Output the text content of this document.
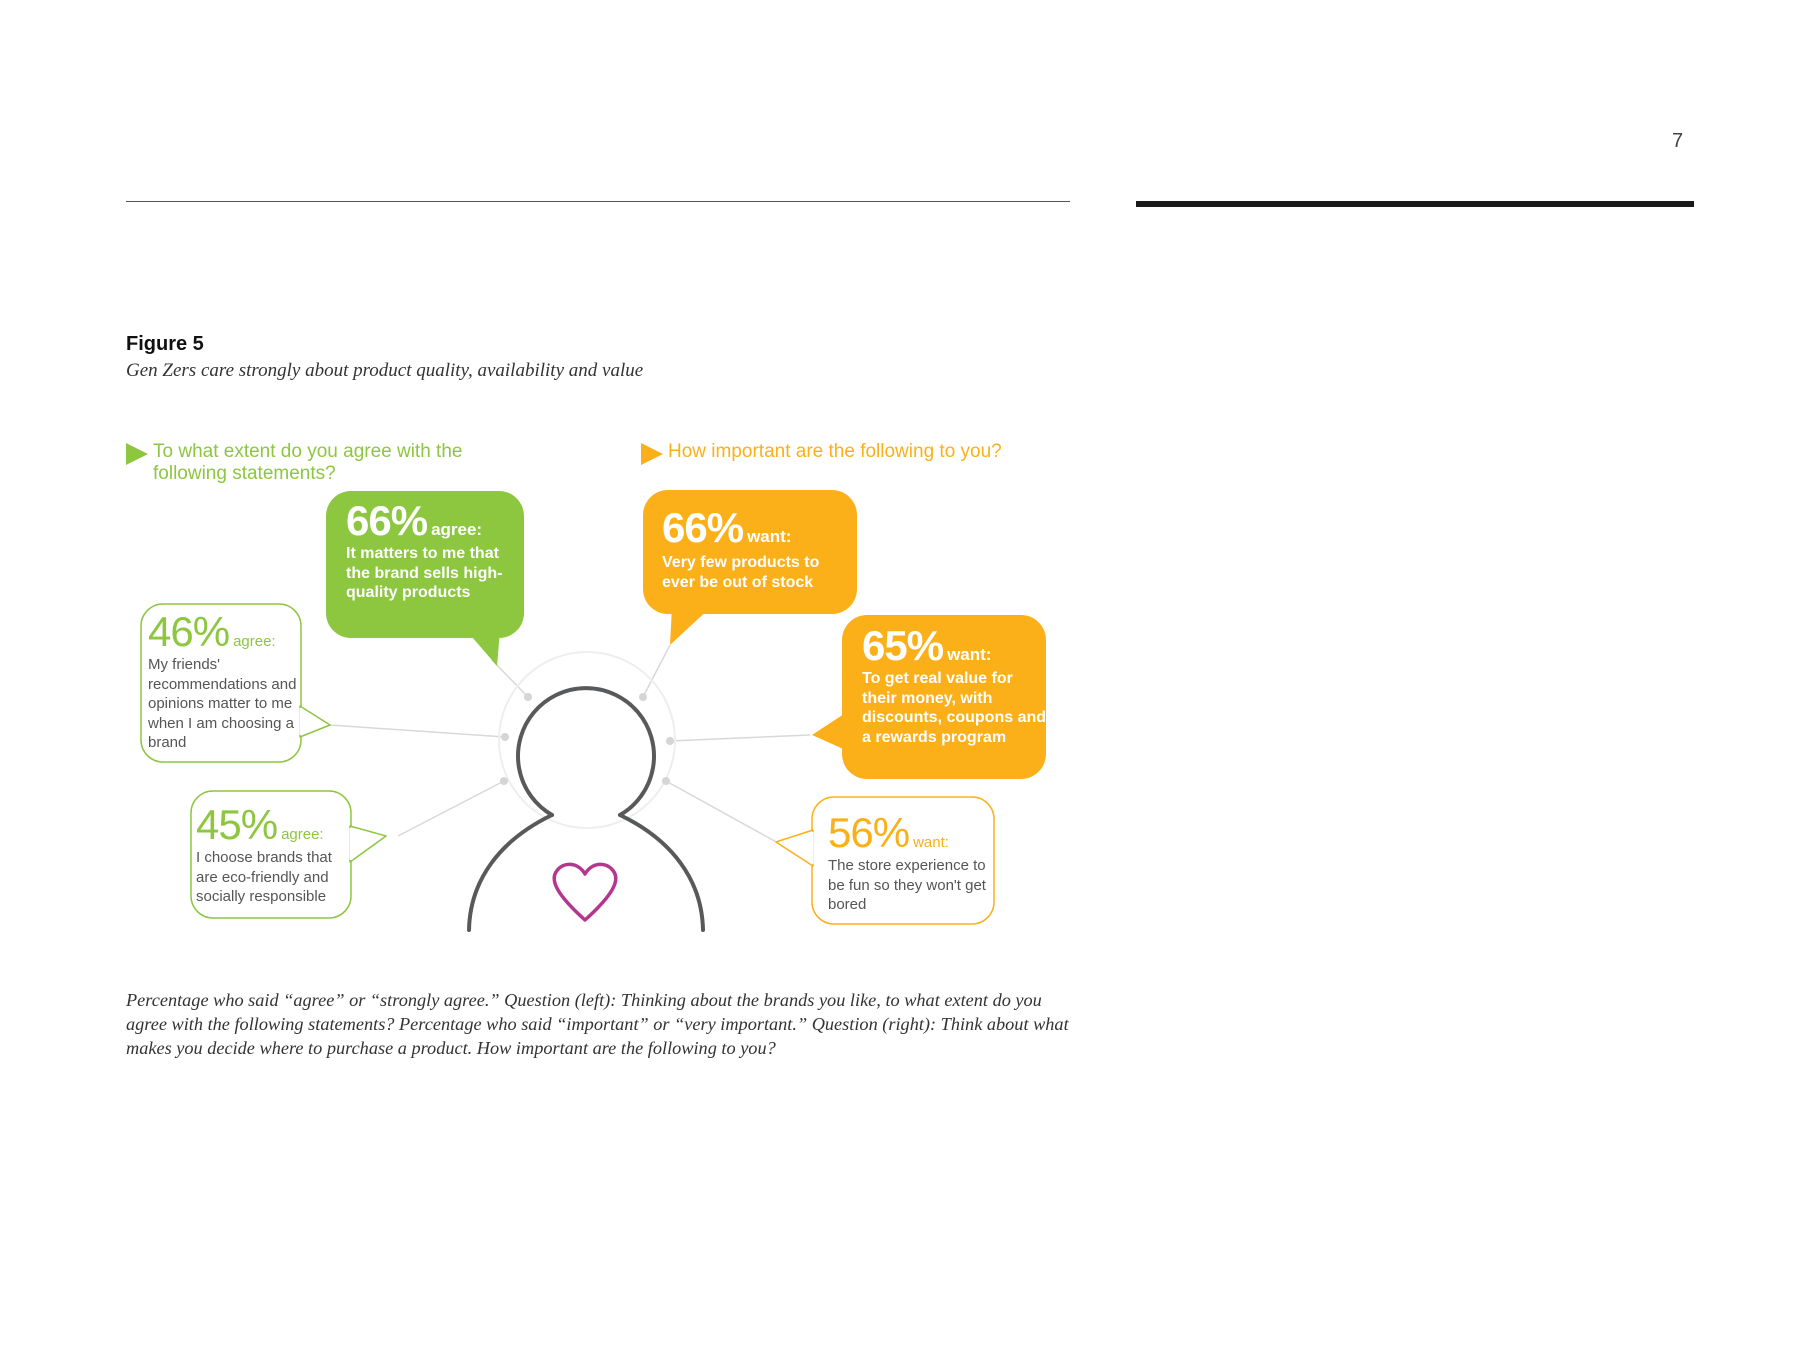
7
Figure 5
Gen Zers care strongly about product quality, availability and value
To what extent do you agree with the following statements?
How important are the following to you?
66% agree:
It matters to me that the brand sells high-quality products
46% agree:
My friends' recommendations and opinions matter to me when I am choosing a brand
45% agree:
I choose brands that are eco-friendly and socially responsible
66% want:
Very few products to ever be out of stock
65% want:
To get real value for their money, with discounts, coupons and a rewards program
56% want:
The store experience to be fun so they won't get bored
Percentage who said “agree” or “strongly agree.” Question (left): Thinking about the brands you like, to what extent do you agree with the following statements? Percentage who said “important” or “very important.” Question (right): Think about what makes you decide where to purchase a product. How important are the following to you?
